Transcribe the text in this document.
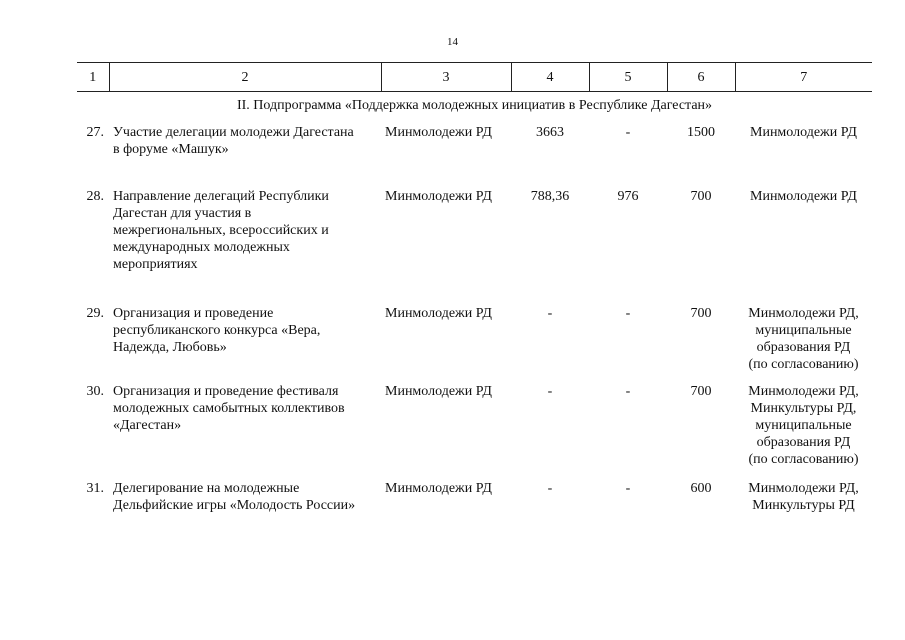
14
1	2	3	4	5	6	7
II. Подпрограмма «Поддержка молодежных инициатив в Республике Дагестан»						
27.	Участие делегации молодежи Дагестана
в форуме «Машук»	Минмолодежи РД	3663	-	1500	Минмолодежи РД

28.	Направление делегаций Республики
Дагестан для участия в
межрегиональных, всероссийских и
международных молодежных
мероприятиях	Минмолодежи РД	788,36	976	700	Минмолодежи РД

29.	Организация и проведение
республиканского конкурса «Вера,
Надежда, Любовь»	Минмолодежи РД	-	-	700	Минмолодежи РД,
муниципальные
образования РД
(по согласованию)

30.	Организация и проведение фестиваля
молодежных самобытных коллективов
«Дагестан»	Минмолодежи РД	-	-	700	Минмолодежи РД,
Минкультуры РД,
муниципальные
образования РД
(по согласованию)

31.	Делегирование на молодежные
Дельфийские игры «Молодость России»	Минмолодежи РД	-	-	600	Минмолодежи РД,
Минкультуры РД
